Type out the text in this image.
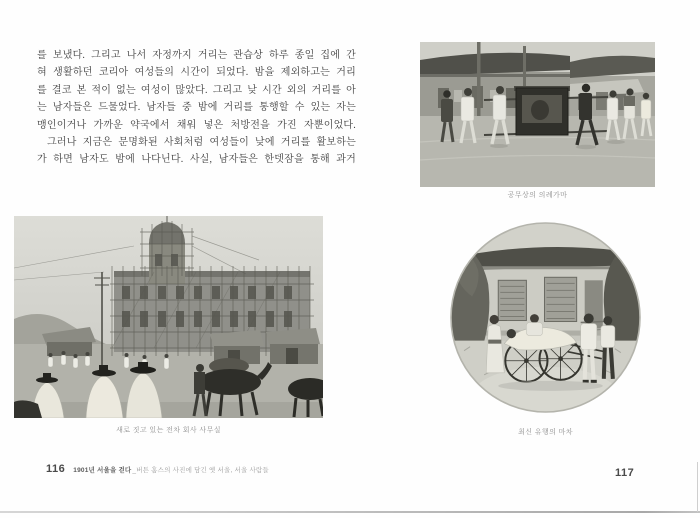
를 보냈다. 그리고 나서 자정까지 거리는 관습상 하루 종일 집에 간
혀 생활하던 코리아 여성들의 시간이 되었다. 밤을 제외하고는 거리
를 결코 본 적이 없는 여성이 많았다. 그리고 낮 시간 외의 거리를 아
는 남자들은 드물었다. 남자들 중 밤에 거리를 통행할 수 있는 자는
맹인이거나 가까운 약국에서 채워 넣은 처방전을 가진 자뿐이었다.
그러나 지금은 문명화된 사회처럼 여성들이 낮에 거리를 활보하는
가 하면 남자도 밤에 나다닌다. 사실, 남자들은 한뎃잠을 통해 과거
새로 짓고 있는 전차 회사 사무실
116 1901년 서울을 걷다_버튼 홈스의 사진에 담긴 옛 서울, 서울 사람들
공무상의 의례가마
최신 유행의 마차
117
